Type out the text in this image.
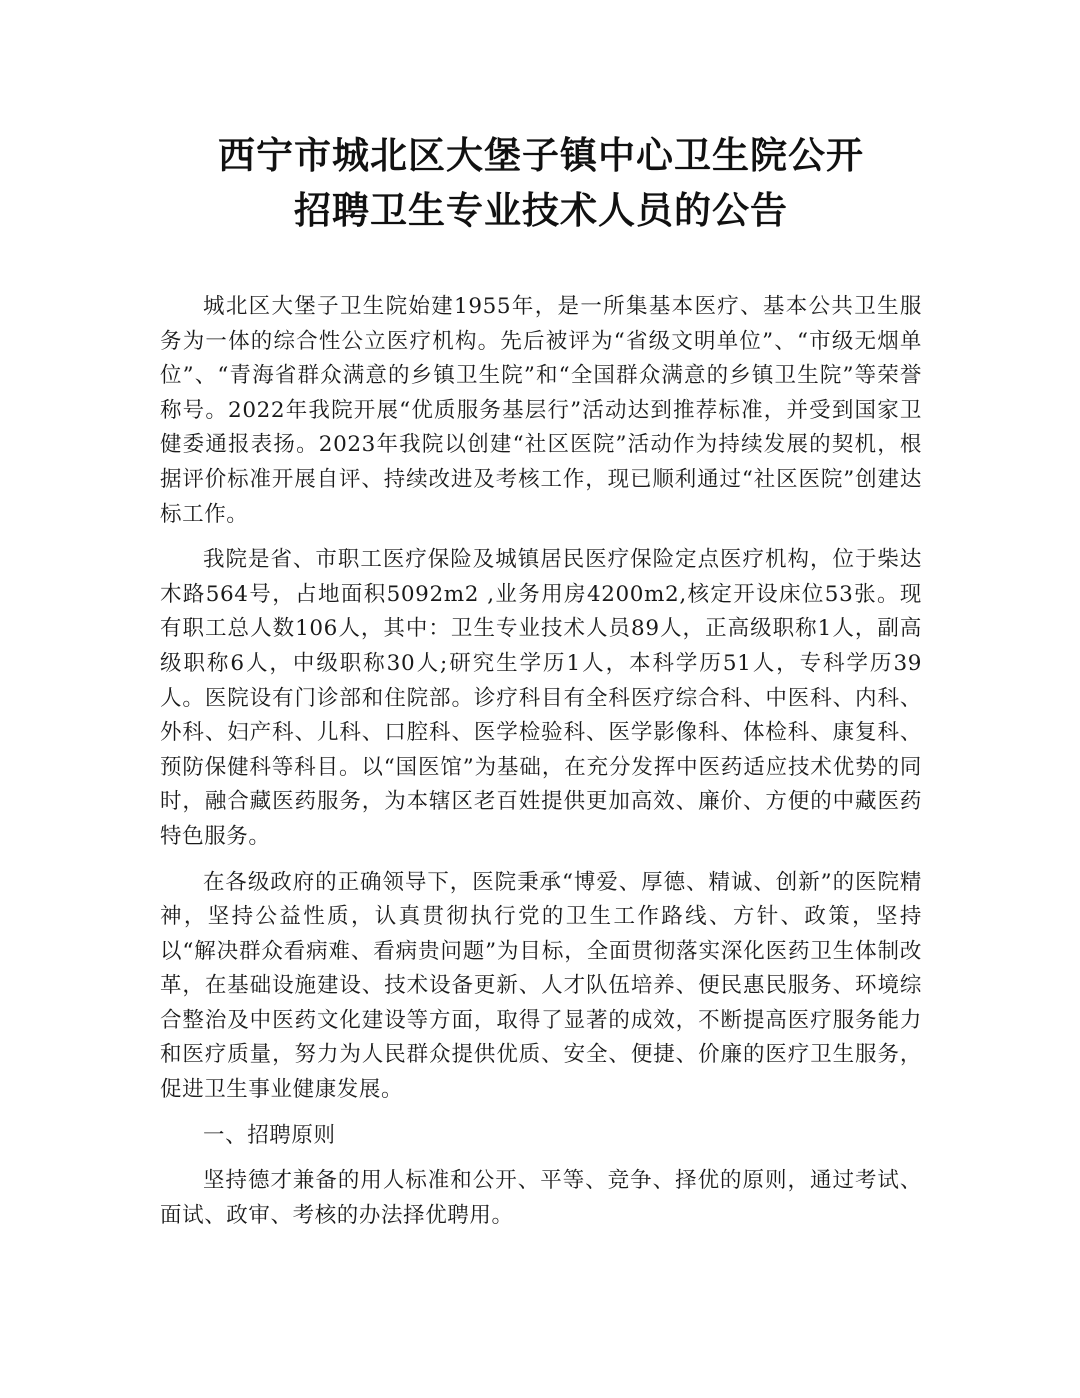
西宁市城北区大堡子镇中心卫生院公开
招聘卫生专业技术人员的公告

城北区大堡子卫生院始建1955年，是一所集基本医疗、基本公共卫生服务为一体的综合性公立医疗机构。先后被评为“省级文明单位”、“市级无烟单位”、“青海省群众满意的乡镇卫生院”和“全国群众满意的乡镇卫生院”等荣誉称号。2022年我院开展“优质服务基层行”活动达到推荐标准，并受到国家卫健委通报表扬。2023年我院以创建“社区医院”活动作为持续发展的契机，根据评价标准开展自评、持续改进及考核工作，现已顺利通过“社区医院”创建达标工作。

我院是省、市职工医疗保险及城镇居民医疗保险定点医疗机构，位于柴达木路564号，占地面积5092m2 ,业务用房4200m2,核定开设床位53张。现有职工总人数106人，其中：卫生专业技术人员89人，正高级职称1人，副高级职称6人，中级职称30人;研究生学历1人，本科学历51人，专科学历39人。医院设有门诊部和住院部。诊疗科目有全科医疗综合科、中医科、内科、外科、妇产科、儿科、口腔科、医学检验科、医学影像科、体检科、康复科、预防保健科等科目。以“国医馆”为基础，在充分发挥中医药适应技术优势的同时，融合藏医药服务，为本辖区老百姓提供更加高效、廉价、方便的中藏医药特色服务。

在各级政府的正确领导下，医院秉承“博爱、厚德、精诚、创新”的医院精神，坚持公益性质，认真贯彻执行党的卫生工作路线、方针、政策，坚持以“解决群众看病难、看病贵问题”为目标，全面贯彻落实深化医药卫生体制改革，在基础设施建设、技术设备更新、人才队伍培养、便民惠民服务、环境综合整治及中医药文化建设等方面，取得了显著的成效，不断提高医疗服务能力和医疗质量，努力为人民群众提供优质、安全、便捷、价廉的医疗卫生服务，促进卫生事业健康发展。

一、招聘原则

坚持德才兼备的用人标准和公开、平等、竞争、择优的原则，通过考试、面试、政审、考核的办法择优聘用。
